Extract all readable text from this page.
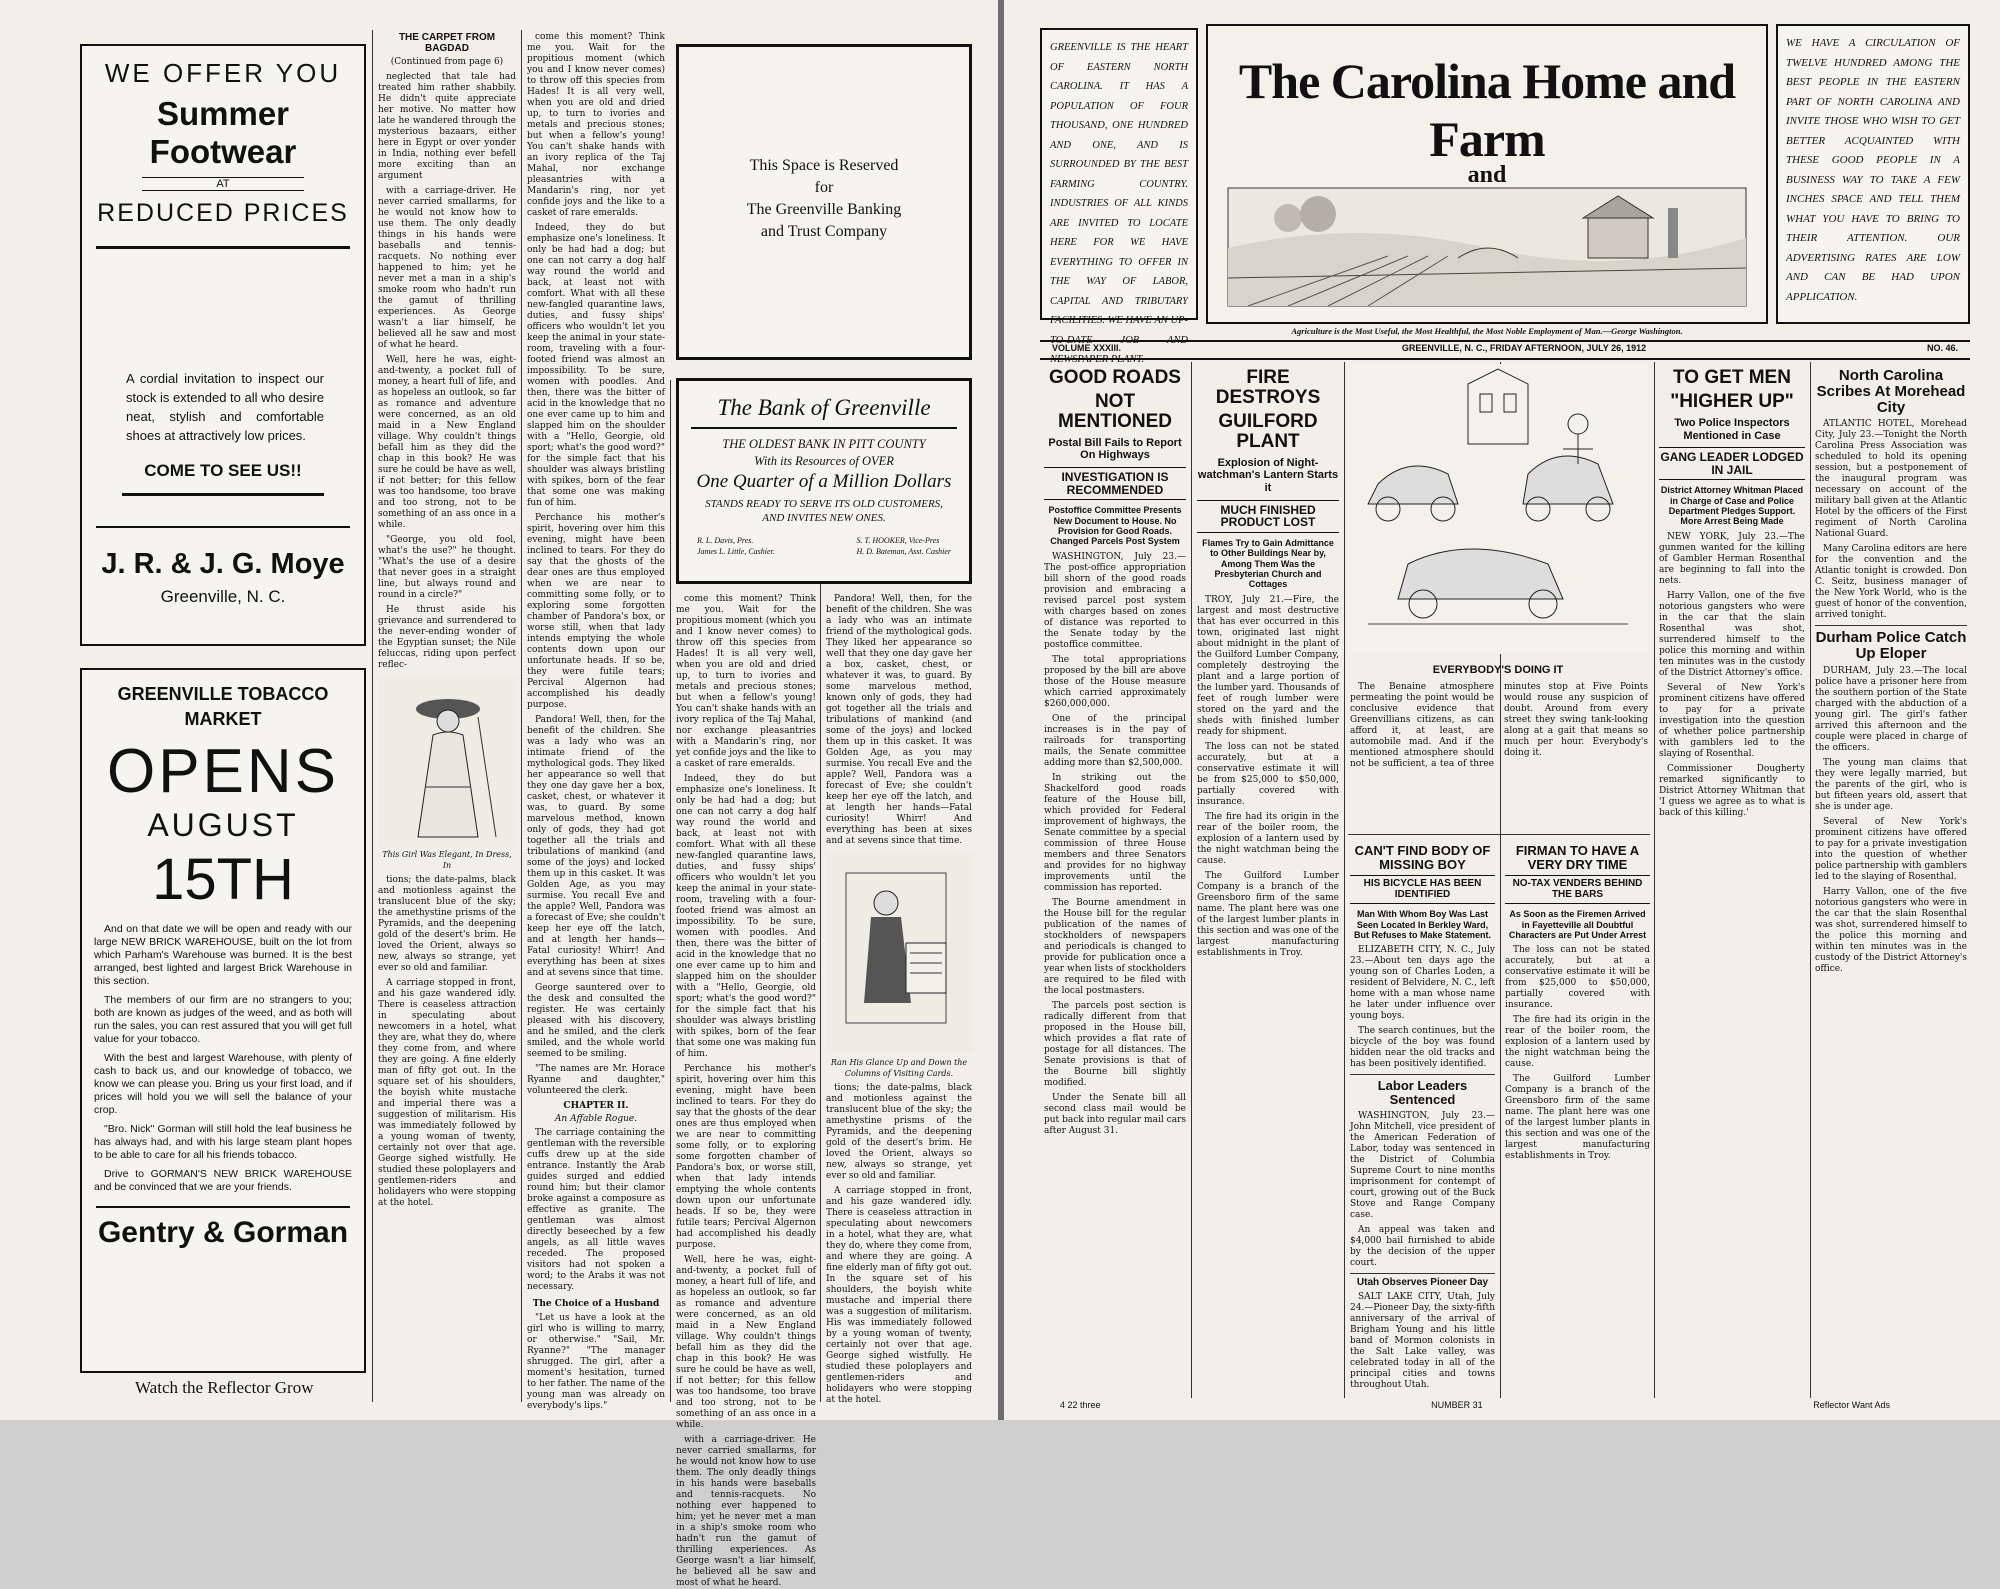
WE OFFER YOU
Summer Footwear
AT
REDUCED PRICES
A cordial invitation to inspect our stock is extended to all who desire neat, stylish and comfortable shoes at attractively low prices.
COME TO SEE US!!
J. R. & J. G. Moye
Greenville, N. C.
GREENVILLE TOBACCO
MARKET
OPENS
AUGUST
15TH

And on that date we will be open and ready with our large NEW BRICK WAREHOUSE, built on the lot from which Parham's Warehouse was burned. It is the best arranged, best lighted and largest Brick Warehouse in this section.

The members of our firm are no strangers to you; both are known as judges of the weed, and as both will run the sales, you can rest assured that you will get full value for your tobacco.

With the best and largest Warehouse, with plenty of cash to back us, and our knowledge of tobacco, we know we can please you. Bring us your first load, and if prices will hold you we will sell the balance of your crop.

"Bro. Nick" Gorman will still hold the leaf business he has always had, and with his large steam plant hopes to be able to care for all his friends tobacco.

Drive to GORMAN'S NEW BRICK WAREHOUSE and be convinced that we are your friends.

Gentry & Gorman
Watch the Reflector Grow
THE CARPET FROM BAGDAD
(Continued from page 6)

neglected that tale had treated him rather shabbily. He didn't quite appreciate her motive. No matter how late he wandered through the mysterious bazaars, either here in Egypt or over yonder in India, nothing ever befell more exciting than an argument

with a carriage-driver. He never carried smallarms, for he would not know how to use them. The only deadly things in his hands were baseballs and tennis-racquets. No nothing ever happened to him; yet he never met a man in a ship's smoke room who hadn't run the gamut of thrilling experiences. As George wasn't a liar himself, he believed all he saw and most of what he heard.

Well, here he was, eight-and-twenty, a pocket full of money, a heart full of life, and as hopeless an outlook, so far as romance and adventure were concerned, as an old maid in a New England village. Why couldn't things befall him as they did the chap in this book? He was sure he could be have as well, if not better; for this fellow was too handsome, too brave and too strong, not to be something of an ass once in a while.

"George, you old fool, what's the use?" he thought. "What's the use of a desire that never goes in a straight line, but always round and round in a circle?"

He thrust aside his grievance and surrendered to the never-ending wonder of the Egyptian sunset; the Nile feluccas, riding upon perfect reflec-

This Girl Was Elegant, In Dress, In

tions; the date-palms, black and motionless against the translucent blue of the sky; the amethystine prisms of the Pyramids, and the deepening gold of the desert's brim. He loved the Orient, always so new, always so strange, yet ever so old and familiar.

A carriage stopped in front, and his gaze wandered idly. There is ceaseless attraction in speculating about newcomers in a hotel, what they are, what they do, where they come from, and where they are going. A fine elderly man of fifty got out. In the square set of his shoulders, the boyish white mustache and imperial there was a suggestion of militarism. His was immediately followed by a young woman of twenty, certainly not over that age. George sighed wistfully. He studied these poloplayers and gentlemen-riders and holidayers who were stopping at the hotel.

come this moment? Think me you. Wait for the propitious moment (which you and I know never comes) to throw off this species from Hades! It is all very well, when you are old and dried up, to turn to ivories and metals and precious stones; but when a fellow's young! You can't shake hands with an ivory replica of the Taj Mahal, nor exchange pleasantries with a Mandarin's ring, nor yet confide joys and the like to a casket of rare emeralds.

Indeed, they do but emphasize one's loneliness. It only be had had a dog; but one can not carry a dog half way round the world and back, at least not with comfort. What with all these new-fangled quarantine laws, duties, and fussy ships' officers who wouldn't let you keep the animal in your state-room, traveling with a four-footed friend was almost an impossibility. To be sure, women with poodles. And then, there was the bitter of acid in the knowledge that no one ever came up to him and slapped him on the shoulder with a "Hello, Georgie, old sport; what's the good word?" for the simple fact that his shoulder was always bristling with spikes, born of the fear that some one was making fun of him.

Perchance his mother's spirit, hovering over him this evening, might have been inclined to tears. For they do say that the ghosts of the dear ones are thus employed when we are near to committing some folly, or to exploring some forgotten chamber of Pandora's box, or worse still, when that lady intends emptying the whole contents down upon our unfortunate heads. If so be, they were futile tears; Percival Algernon had accomplished his deadly purpose.

Pandora! Well, then, for the benefit of the children. She was a lady who was an intimate friend of the mythological gods. They liked her appearance so well that they one day gave her a box, casket, chest, or whatever it was, to guard. By some marvelous method, known only of gods, they had got together all the trials and tribulations of mankind (and some of the joys) and locked them up in this casket. It was Golden Age, as you may surmise. You recall Eve and the apple? Well, Pandora was a forecast of Eve; she couldn't keep her eye off the latch, and at length her hands—Fatal curiosity! Whirr! And everything has been at sixes and at sevens since that time.

George sauntered over to the desk and consulted the register. He was certainly pleased with his discovery, and he smiled, and the clerk smiled, and the whole world seemed to be smiling.

"The names are Mr. Horace Ryanne and daughter," volunteered the clerk.

CHAPTER II.
An Affable Rogue.

The carriage containing the gentleman with the reversible cuffs drew up at the side entrance. Instantly the Arab guides surged and eddied round him; but their clamor broke against a composure as effective as granite. The gentleman was almost directly beseeched by a few angels, as all little waves receded. The proposed visitors had not spoken a word; to the Arabs it was not necessary.

The Choice of a Husband

"Let us have a look at the girl who is willing to marry, or otherwise." "Sail, Mr. Ryanne?" "The manager shrugged. The girl, after a moment's hesitation, turned to her father. The name of the young man was already on everybody's lips."

This Space is Reserved
for
The Greenville Banking
and Trust Company
The Bank of Greenville
THE OLDEST BANK IN PITT COUNTY
With its Resources of OVER
One Quarter of a Million Dollars
STANDS READY TO SERVE ITS OLD CUSTOMERS, AND INVITES NEW ONES.
R. L. Davis, Pres.
James L. Little, Cashier.
S. T. HOOKER, Vice-Pres
H. D. Bateman, Asst. Cashier

come this moment? Think me you. Wait for the propitious moment (which you and I know never comes) to throw off this species from Hades! It is all very well, when you are old and dried up, to turn to ivories and metals and precious stones; but when a fellow's young! You can't shake hands with an ivory replica of the Taj Mahal, nor exchange pleasantries with a Mandarin's ring, nor yet confide joys and the like to a casket of rare emeralds.

Indeed, they do but emphasize one's loneliness. It only be had had a dog; but one can not carry a dog half way round the world and back, at least not with comfort. What with all these new-fangled quarantine laws, duties, and fussy ships' officers who wouldn't let you keep the animal in your state-room, traveling with a four-footed friend was almost an impossibility. To be sure, women with poodles. And then, there was the bitter of acid in the knowledge that no one ever came up to him and slapped him on the shoulder with a "Hello, Georgie, old sport; what's the good word?" for the simple fact that his shoulder was always bristling with spikes, born of the fear that some one was making fun of him.

Perchance his mother's spirit, hovering over him this evening, might have been inclined to tears. For they do say that the ghosts of the dear ones are thus employed when we are near to committing some folly, or to exploring some forgotten chamber of Pandora's box, or worse still, when that lady intends emptying the whole contents down upon our unfortunate heads. If so be, they were futile tears; Percival Algernon had accomplished his deadly purpose.

Well, here he was, eight-and-twenty, a pocket full of money, a heart full of life, and as hopeless an outlook, so far as romance and adventure were concerned, as an old maid in a New England village. Why couldn't things befall him as they did the chap in this book? He was sure he could be have as well, if not better; for this fellow was too handsome, too brave and too strong, not to be something of an ass once in a while.

with a carriage-driver. He never carried smallarms, for he would not know how to use them. The only deadly things in his hands were baseballs and tennis-racquets. No nothing ever happened to him; yet he never met a man in a ship's smoke room who hadn't run the gamut of thrilling experiences. As George wasn't a liar himself, he believed all he saw and most of what he heard.

Pandora! Well, then, for the benefit of the children. She was a lady who was an intimate friend of the mythological gods. They liked her appearance so well that they one day gave her a box, casket, chest, or whatever it was, to guard. By some marvelous method, known only of gods, they had got together all the trials and tribulations of mankind (and some of the joys) and locked them up in this casket. It was Golden Age, as you may surmise. You recall Eve and the apple? Well, Pandora was a forecast of Eve; she couldn't keep her eye off the latch, and at length her hands—Fatal curiosity! Whirr! And everything has been at sixes and at sevens since that time.

Ran His Glance Up and Down the Columns of Visiting Cards.

tions; the date-palms, black and motionless against the translucent blue of the sky; the amethystine prisms of the Pyramids, and the deepening gold of the desert's brim. He loved the Orient, always so new, always so strange, yet ever so old and familiar.

A carriage stopped in front, and his gaze wandered idly. There is ceaseless attraction in speculating about newcomers in a hotel, what they are, what they do, where they come from, and where they are going. A fine elderly man of fifty got out. In the square set of his shoulders, the boyish white mustache and imperial there was a suggestion of militarism. His was immediately followed by a young woman of twenty, certainly not over that age. George sighed wistfully. He studied these poloplayers and gentlemen-riders and holidayers who were stopping at the hotel.

GREENVILLE IS THE HEART OF EASTERN NORTH CAROLINA. IT HAS A POPULATION OF FOUR THOUSAND, ONE HUNDRED AND ONE, AND IS SURROUNDED BY THE BEST FARMING COUNTRY. INDUSTRIES OF ALL KINDS ARE INVITED TO LOCATE HERE FOR WE HAVE EVERYTHING TO OFFER IN THE WAY OF LABOR, CAPITAL AND TRIBUTARY FACILITIES. WE HAVE AN UP-
The Carolina Home and Farm
and
WE HAVE A CIRCULATION OF TWELVE HUNDRED AMONG THE BEST PEOPLE IN THE EASTERN PART OF NORTH CAROLINA AND INVITE THOSE WHO WISH TO GET BETTER ACQUAINTED WITH THESE GOOD PEOPLE IN A BUSINESS WAY TO TAKE A FEW INCHES SPACE AND TELL THEM WHAT YOU HAVE TO BRING TO THEIR ATTENTION. OUR ADVERTISING RATES ARE LOW AND CAN BE HAD UPON APPLICATION.
Agriculture is the Most Useful, the Most Healthful, the Most Noble Employment of Man.—George Washington.
VOLUME XXXIII.	GREENVILLE, N. C., FRIDAY AFTERNOON, JULY 26, 1912	NO. 46.
GOOD ROADS
NOT MENTIONED
Postal Bill Fails to Report On Highways
INVESTIGATION IS RECOMMENDED
Postoffice Committee Presents New Document to House. No Provision for Good Roads. Changed Parcels Post System

WASHINGTON, July 23.—The post-office appropriation bill shorn of the good roads provision and embracing a revised parcel post system with charges based on zones of distance was reported to the Senate today by the postoffice committee.

The total appropriations proposed by the bill are above those of the House measure which carried approximately $260,000,000.

One of the principal increases is in the pay of railroads for transporting mails, the Senate committee adding more than $2,500,000.

In striking out the Shackelford good roads feature of the House bill, which provided for Federal improvement of highways, the Senate committee by a special commission of three House members and three Senators and provides for no highway improvements until the commission has reported.

The Bourne amendment in the House bill for the regular publication of the names of stockholders of newspapers and periodicals is changed to provide for publication once a year when lists of stockholders are required to be filed with the local postmasters.

The parcels post section is radically different from that proposed in the House bill, which provides a flat rate of postage for all distances. The Senate provisions is that of the Bourne bill slightly modified.

Under the Senate bill all second class mail would be put back into regular mail cars after August 31.

FIRE DESTROYS
GUILFORD PLANT
Explosion of Night-watchman's Lantern Starts it
MUCH FINISHED PRODUCT LOST
Flames Try to Gain Admittance to Other Buildings Near by, Among Them Was the Presbyterian Church and Cottages

TROY, July 21.—Fire, the largest and most destructive that has ever occurred in this town, originated last night about midnight in the plant of the Guilford Lumber Company, completely destroying the plant and a large portion of the lumber yard. Thousands of feet of rough lumber were stored on the yard and the sheds with finished lumber ready for shipment.

The loss can not be stated accurately, but at a conservative estimate it will be from $25,000 to $50,000, partially covered with insurance.

The fire had its origin in the rear of the boiler room, the explosion of a lantern used by the night watchman being the cause.

The Guilford Lumber Company is a branch of the Greensboro firm of the same name. The plant here was one of the largest lumber plants in this section and was one of the largest manufacturing establishments in Troy.

EVERYBODY'S DOING IT
The Benaine atmosphere permeating the point would be conclusive evidence that Greenvillians citizens, as can afford it, at least, are automobile mad. And if the mentioned atmosphere should not be sufficient, a tea of three minutes stop at Five Points would rouse any suspicion of doubt. Around from every street they swing tank-looking along at a gait that means so much per hour. Everybody's doing it.
CAN'T FIND BODY OF MISSING BOY
HIS BICYCLE HAS BEEN IDENTIFIED
Man With Whom Boy Was Last Seen Located In Berkley Ward, But Refuses to Make Statement.

ELIZABETH CITY, N. C., July 23.—About ten days ago the young son of Charles Loden, a resident of Belvidere, N. C., left home with a man whose name he later under influence over young boys.

The search continues, but the bicycle of the boy was found hidden near the old tracks and has been positively identified.

Labor Leaders Sentenced

WASHINGTON, July 23.—John Mitchell, vice president of the American Federation of Labor, today was sentenced in the District of Columbia Supreme Court to nine months imprisonment for contempt of court, growing out of the Buck Stove and Range Company case.

An appeal was taken and $4,000 bail furnished to abide by the decision of the upper court.

Utah Observes Pioneer Day

SALT LAKE CITY, Utah, July 24.—Pioneer Day, the sixty-fifth anniversary of the arrival of Brigham Young and his little band of Mormon colonists in the Salt Lake valley, was celebrated today in all of the principal cities and towns throughout Utah.

FIRMAN TO HAVE A VERY DRY TIME
NO-TAX VENDERS BEHIND THE BARS
As Soon as the Firemen Arrived in Fayetteville all Doubtful Characters are Put Under Arrest

The loss can not be stated accurately, but at a conservative estimate it will be from $25,000 to $50,000, partially covered with insurance.

The fire had its origin in the rear of the boiler room, the explosion of a lantern used by the night watchman being the cause.

The Guilford Lumber Company is a branch of the Greensboro firm of the same name. The plant here was one of the largest lumber plants in this section and was one of the largest manufacturing establishments in Troy.

TO GET MEN
"HIGHER UP"
Two Police Inspectors Mentioned in Case
GANG LEADER LODGED IN JAIL
District Attorney Whitman Placed in Charge of Case and Police Department Pledges Support. More Arrest Being Made

NEW YORK, July 23.—The gunmen wanted for the killing of Gambler Herman Rosenthal are beginning to fall into the nets.

Harry Vallon, one of the five notorious gangsters who were in the car that the slain Rosenthal was shot, surrendered himself to the police this morning and within ten minutes was in the custody of the District Attorney's office.

Several of New York's prominent citizens have offered to pay for a private investigation into the question of whether police partnership with gamblers led to the slaying of Rosenthal.

Commissioner Dougherty remarked significantly to District Attorney Whitman that 'I guess we agree as to what is back of this killing.'

North Carolina Scribes At Morehead City

ATLANTIC HOTEL, Morehead City, July 23.—Tonight the North Carolina Press Association was scheduled to hold its opening session, but a postponement of the inaugural program was necessary on account of the military ball given at the Atlantic Hotel by the officers of the First regiment of North Carolina National Guard.

Many Carolina editors are here for the convention and the Atlantic tonight is crowded. Don C. Seitz, business manager of the New York World, who is the guest of honor of the convention, arrived tonight.

Durham Police Catch Up Eloper

DURHAM, July 23.—The local police have a prisoner here from the southern portion of the State charged with the abduction of a young girl. The girl's father arrived this afternoon and the couple were placed in charge of the officers.

The young man claims that they were legally married, but the parents of the girl, who is but fifteen years old, assert that she is under age.

Several of New York's prominent citizens have offered to pay for a private investigation into the question of whether police partnership with gamblers led to the slaying of Rosenthal.

Harry Vallon, one of the five notorious gangsters who were in the car that the slain Rosenthal was shot, surrendered himself to the police this morning and within ten minutes was in the custody of the District Attorney's office.

4 22 three	NUMBER 31	Reflector Want Ads
